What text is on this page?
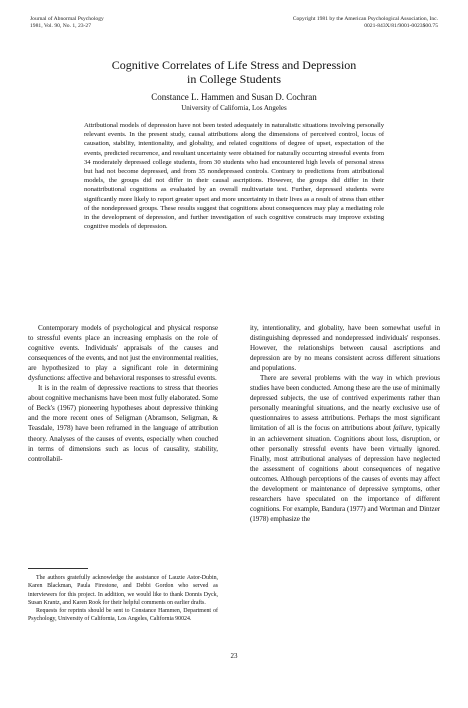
Journal of Abnormal Psychology
1981, Vol. 90, No. 1, 23-27
Copyright 1981 by the American Psychological Association, Inc.
0021-843X/81/9001-0023$00.75
Cognitive Correlates of Life Stress and Depression
in College Students
Constance L. Hammen and Susan D. Cochran
University of California, Los Angeles
Attributional models of depression have not been tested adequately in naturalistic situations involving personally relevant events. In the present study, causal attributions along the dimensions of perceived control, locus of causation, stability, intentionality, and globality, and related cognitions of degree of upset, expectation of the events, predicted recurrence, and resultant uncertainty were obtained for naturally occurring stressful events from 34 moderately depressed college students, from 30 students who had encountered high levels of personal stress but had not become depressed, and from 35 nondepressed controls. Contrary to predictions from attributional models, the groups did not differ in their causal ascriptions. However, the groups did differ in their nonattributional cognitions as evaluated by an overall multivariate test. Further, depressed students were significantly more likely to report greater upset and more uncertainty in their lives as a result of stress than either of the nondepressed groups. These results suggest that cognitions about consequences may play a mediating role in the development of depression, and further investigation of such cognitive constructs may improve existing cognitive models of depression.

Contemporary models of psychological and physical response to stressful events place an increasing emphasis on the role of cognitive events. Individuals' appraisals of the causes and consequences of the events, and not just the environmental realities, are hypothesized to play a significant role in determining dysfunctions: affective and behavioral responses to stressful events.

It is in the realm of depressive reactions to stress that theories about cognitive mechanisms have been most fully elaborated. Some of Beck's (1967) pioneering hypotheses about depressive thinking and the more recent ones of Seligman (Abramson, Seligman, & Teasdale, 1978) have been reframed in the language of attribution theory. Analyses of the causes of events, especially when couched in terms of dimensions such as locus of causality, stability, controllabil-

The authors gratefully acknowledge the assistance of Lauzie Astor-Dubin, Karen Blackman, Paula Firestone, and Debbi Gordon who served as interviewers for this project. In addition, we would like to thank Donnis Dyck, Susan Krantz, and Karen Rook for their helpful comments on earlier drafts.

Requests for reprints should be sent to Constance Hammen, Department of Psychology, University of California, Los Angeles, California 90024.

ity, intentionality, and globality, have been somewhat useful in distinguishing depressed and nondepressed individuals' responses. However, the relationships between causal ascriptions and depression are by no means consistent across different situations and populations.

There are several problems with the way in which previous studies have been conducted. Among these are the use of minimally depressed subjects, the use of contrived experiments rather than personally meaningful situations, and the nearly exclusive use of questionnaires to assess attributions. Perhaps the most significant limitation of all is the focus on attributions about failure, typically in an achievement situation. Cognitions about loss, disruption, or other personally stressful events have been virtually ignored. Finally, most attributional analyses of depression have neglected the assessment of cognitions about consequences of negative outcomes. Although perceptions of the causes of events may affect the development or maintenance of depressive symptoms, other researchers have speculated on the importance of different cognitions. For example, Bandura (1977) and Wortman and Dintzer (1978) emphasize the

23
